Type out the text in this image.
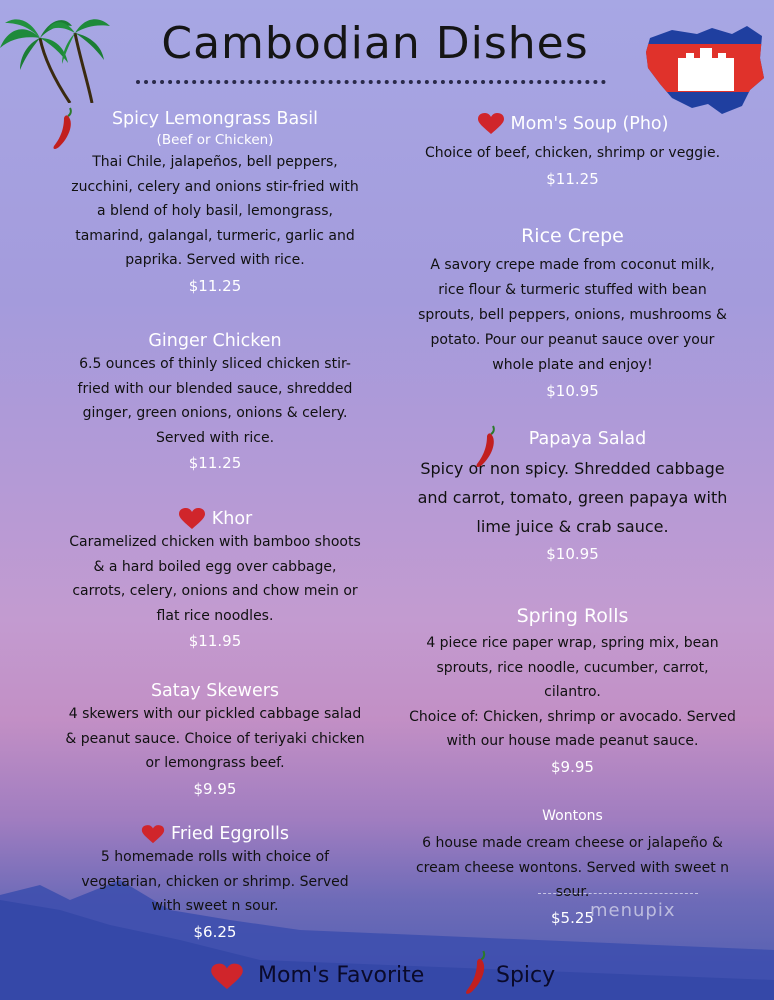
Cambodian Dishes
Spicy Lemongrass Basil
(Beef or Chicken)
Thai Chile, jalapeños, bell peppers,
zucchini, celery and onions stir-fried with
a blend of holy basil, lemongrass,
tamarind, galangal, turmeric, garlic and
paprika. Served with rice.
$11.25
Ginger Chicken
6.5 ounces of thinly sliced chicken stir-
fried with our blended sauce, shredded
ginger, green onions, onions & celery.
Served with rice.
$11.25
Khor
Caramelized chicken with bamboo shoots
& a hard boiled egg over cabbage,
carrots, celery, onions and chow mein or
flat rice noodles.
$11.95
Satay Skewers
4 skewers with our pickled cabbage salad
& peanut sauce. Choice of teriyaki chicken
or lemongrass beef.
$9.95
Fried Eggrolls
5 homemade rolls with choice of
vegetarian, chicken or shrimp. Served
with sweet n sour.
$6.25
Mom's Soup (Pho)
Choice of beef, chicken, shrimp or veggie.
$11.25
Rice Crepe
A savory crepe made from coconut milk,
rice flour & turmeric stuffed with bean
sprouts, bell peppers, onions, mushrooms &
potato. Pour our peanut sauce over your
whole plate and enjoy!
$10.95
Papaya Salad
Spicy or non spicy. Shredded cabbage
and carrot, tomato, green papaya with
lime juice & crab sauce.
$10.95
Spring Rolls
4 piece rice paper wrap, spring mix, bean
sprouts, rice noodle, cucumber, carrot,
cilantro.
Choice of: Chicken, shrimp or avocado. Served
with our house made peanut sauce.
$9.95
Wontons
6 house made cream cheese or jalapeño &
cream cheese wontons. Served with sweet n
sour.
$5.25
menupix
Mom's Favorite	Spicy
